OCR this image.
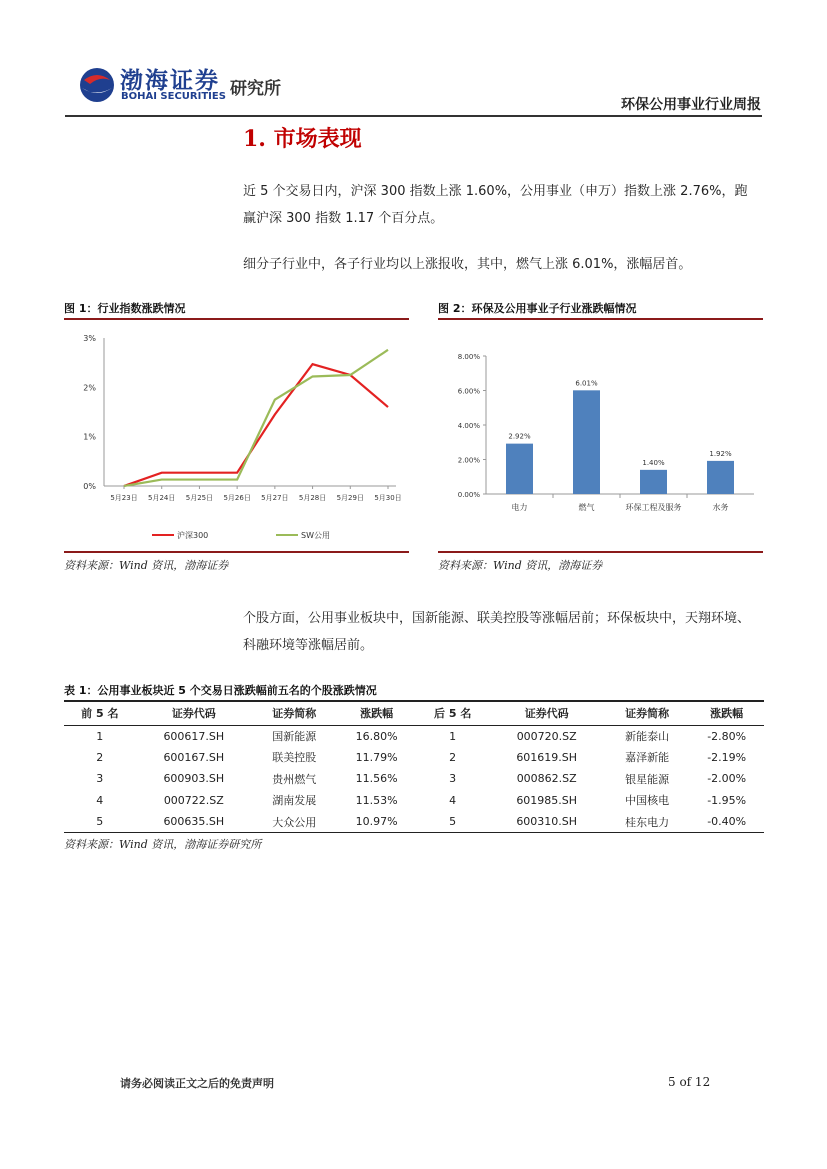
渤海证券
BOHAI SECURITIES 研究所
环保公用事业行业周报
1. 市场表现
近 5 个交易日内，沪深 300 指数上涨 1.60%，公用事业（申万）指数上涨 2.76%，跑赢沪深 300 指数 1.17 个百分点。
细分子行业中，各子行业均以上涨报收，其中，燃气上涨 6.01%，涨幅居首。
图 1：行业指数涨跌情况
0%
1%
2%
3%
5月23日 5月24日 5月25日 5月26日 5月27日 5月28日 5月29日 5月30日
沪深300	SW公用
资料来源：Wind 资讯，渤海证券
图 2：环保及公用事业子行业涨跌幅情况
0.00%
2.00%
4.00%
6.00%
8.00%
2.92%
电力
6.01%
燃气
1.40%
环保工程及服务
1.92%
水务
资料来源：Wind 资讯，渤海证券
个股方面，公用事业板块中，国新能源、联美控股等涨幅居前；环保板块中，天翔环境、科融环境等涨幅居前。
表 1：公用事业板块近 5 个交易日涨跌幅前五名的个股涨跌情况
前 5 名	证券代码	证券简称	涨跌幅	后 5 名	证券代码	证券简称	涨跌幅
1	600617.SH	国新能源	16.80%	1	000720.SZ	新能泰山	-2.80%
2	600167.SH	联美控股	11.79%	2	601619.SH	嘉泽新能	-2.19%
3	600903.SH	贵州燃气	11.56%	3	000862.SZ	银星能源	-2.00%
4	000722.SZ	湖南发展	11.53%	4	601985.SH	中国核电	-1.95%
5	600635.SH	大众公用	10.97%	5	600310.SH	桂东电力	-0.40%
资料来源：Wind 资讯，渤海证券研究所
请务必阅读正文之后的免责声明	5 of 12
